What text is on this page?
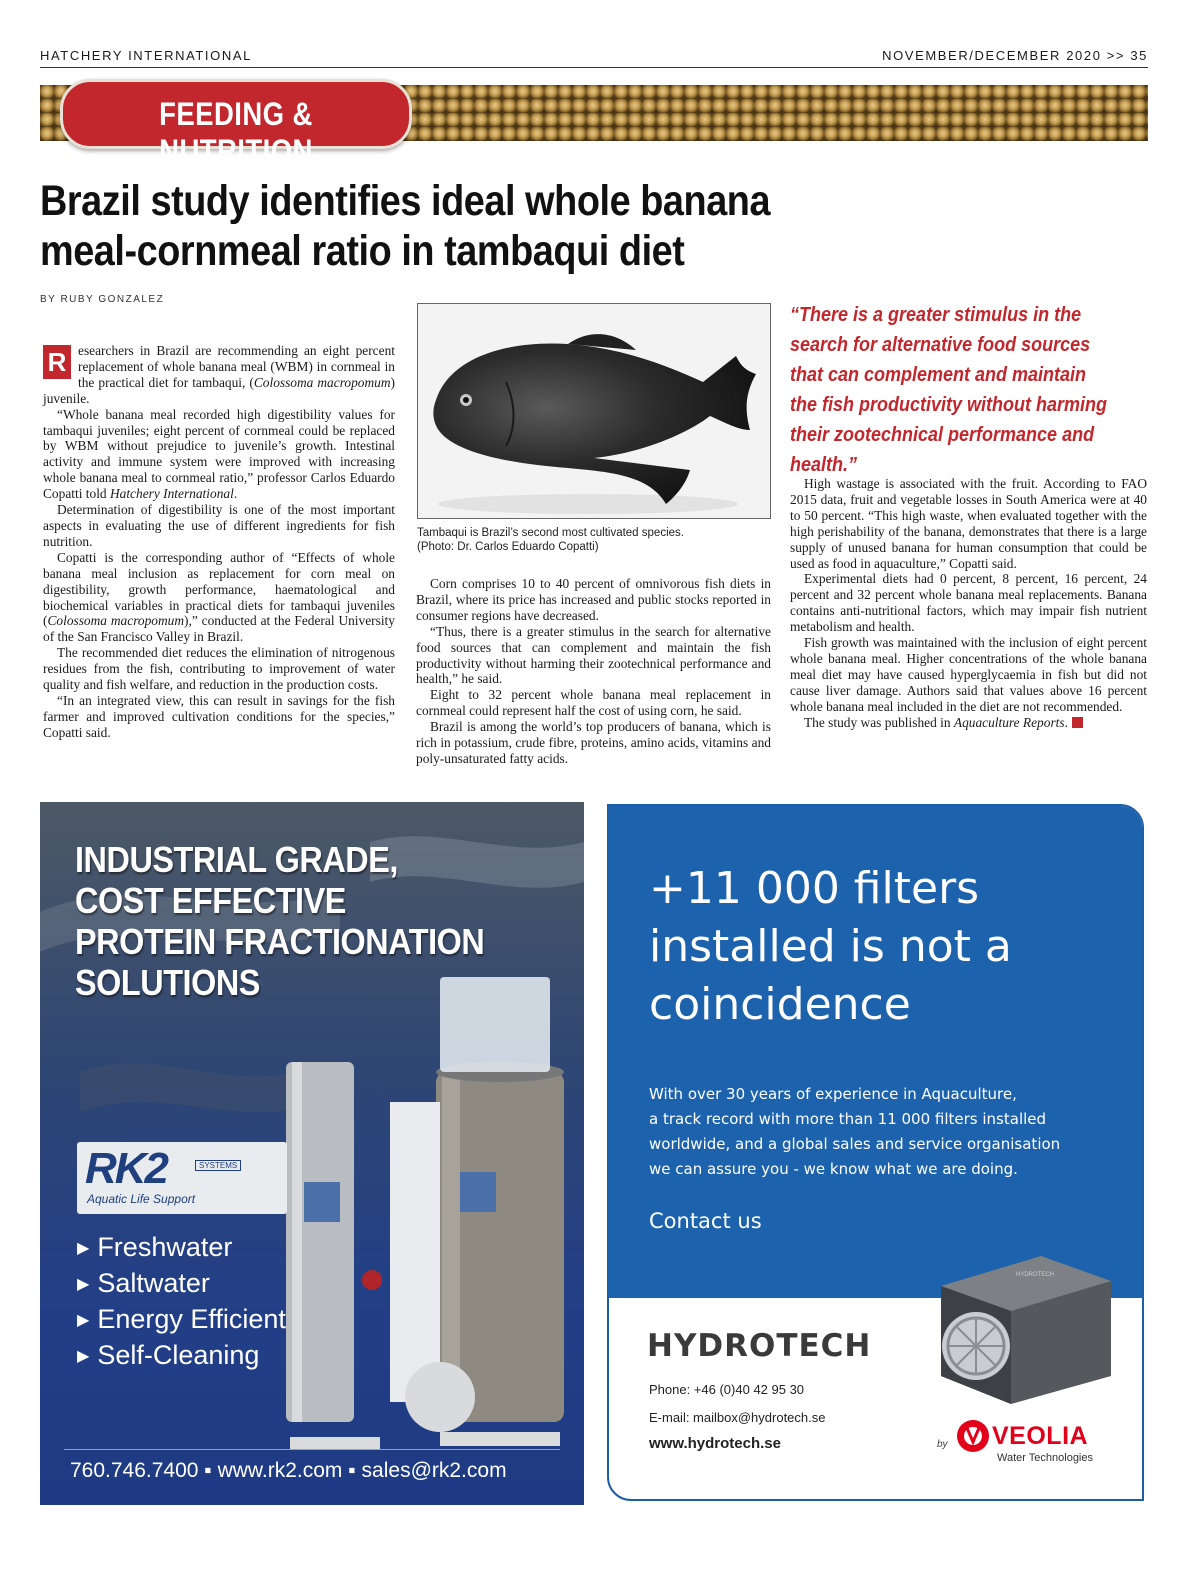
HATCHERY INTERNATIONAL	NOVEMBER/DECEMBER 2020 >> 35
FEEDING & NUTRITION
Brazil study identifies ideal whole banana
meal-cornmeal ratio in tambaqui diet
BY RUBY GONZALEZ

R esearchers in Brazil are recommending an eight percent replacement of whole banana meal (WBM) in cornmeal in the practical diet for tambaqui, (Colossoma macropomum) juvenile.

“Whole banana meal recorded high digestibility values for tambaqui juveniles; eight percent of cornmeal could be replaced by WBM without prejudice to juvenile’s growth. Intestinal activity and immune system were improved with increasing whole banana meal to cornmeal ratio,” professor Carlos Eduardo Copatti told Hatchery International.

Determination of digestibility is one of the most important aspects in evaluating the use of different ingredients for fish nutrition.

Copatti is the corresponding author of “Effects of whole banana meal inclusion as replacement for corn meal on digestibility, growth performance, haematological and biochemical variables in practical diets for tambaqui juveniles (Colossoma macropomum),” conducted at the Federal University of the San Francisco Valley in Brazil.

The recommended diet reduces the elimination of nitrogenous residues from the fish, contributing to improvement of water quality and fish welfare, and reduction in the production costs.

“In an integrated view, this can result in savings for the fish farmer and improved cultivation conditions for the species,” Copatti said.

Tambaqui is Brazil’s second most cultivated species.
(Photo: Dr. Carlos Eduardo Copatti)

Corn comprises 10 to 40 percent of omnivorous fish diets in Brazil, where its price has increased and public stocks reported in consumer regions have decreased.

“Thus, there is a greater stimulus in the search for alternative food sources that can complement and maintain the fish productivity without harming their zootechnical performance and health,” he said.

Eight to 32 percent whole banana meal replacement in cornmeal could represent half the cost of using corn, he said.

Brazil is among the world’s top producers of banana, which is rich in potassium, crude fibre, proteins, amino acids, vitamins and poly-unsaturated fatty acids.

“There is a greater stimulus in the search for alternative food sources that can complement and maintain the fish productivity without harming their zootechnical performance and health.”

High wastage is associated with the fruit. According to FAO 2015 data, fruit and vegetable losses in South America were at 40 to 50 percent. “This high waste, when evaluated together with the high perishability of the banana, demonstrates that there is a large supply of unused banana for human consumption that could be used as food in aquaculture,” Copatti said.

Experimental diets had 0 percent, 8 percent, 16 percent, 24 percent and 32 percent whole banana meal replacements. Banana contains anti-nutritional factors, which may impair fish nutrient metabolism and health.

Fish growth was maintained with the inclusion of eight percent whole banana meal. Higher concentrations of the whole banana meal diet may have caused hyperglycaemia in fish but did not cause liver damage. Authors said that values above 16 percent whole banana meal included in the diet are not recommended.

The study was published in Aquaculture Reports.

INDUSTRIAL GRADE,
COST EFFECTIVE
PROTEIN FRACTIONATION
SOLUTIONS
RK2	SYSTEMS
Aquatic Life Support
▶ Freshwater
▶ Saltwater
▶ Energy Efficient
▶ Self-Cleaning
760.746.7400 ▪ www.rk2.com ▪ sales@rk2.com
+11 000 filters
installed is not a
coincidence
With over 30 years of experience in Aquaculture,
a track record with more than 11 000 filters installed
worldwide, and a global sales and service organisation
we can assure you - we know what we are doing.
Contact us
HYDROTECH
HYDROTECH
Phone: +46 (0)40 42 95 30
E-mail: mailbox@hydrotech.se
www.hydrotech.se	by VEOLIA
Water Technologies
